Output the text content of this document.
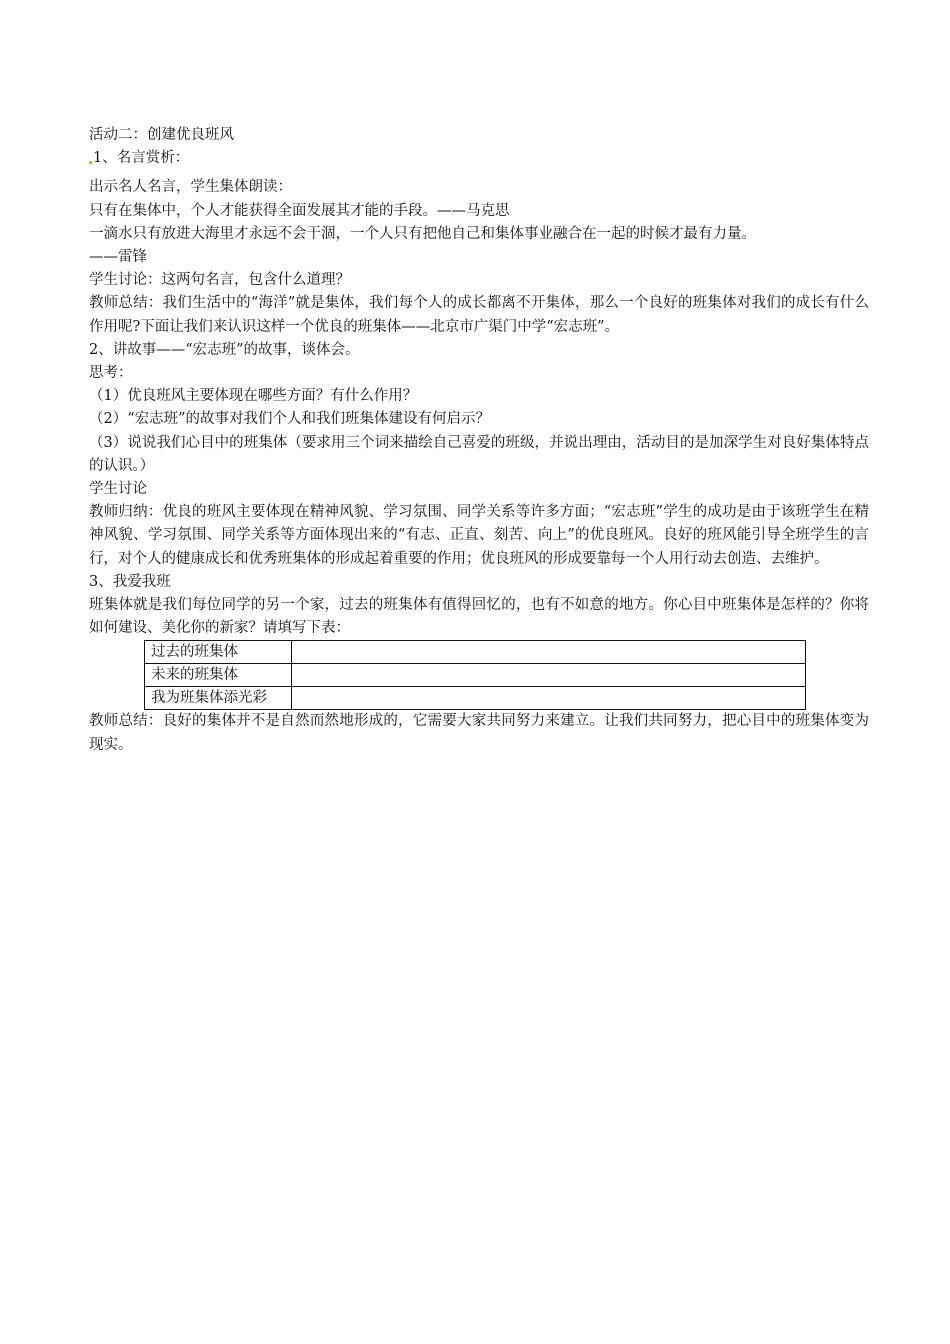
活动二：创建优良班风
1、名言赏析：
出示名人名言，学生集体朗读：
只有在集体中，个人才能获得全面发展其才能的手段。——马克思
一滴水只有放进大海里才永远不会干涸，一个人只有把他自己和集体事业融合在一起的时候才最有力量。
——雷锋
学生讨论：这两句名言，包含什么道理？
教师总结：我们生活中的“海洋”就是集体，我们每个人的成长都离不开集体，那么一个良好的班集体对我们的成长有什么作用呢?下面让我们来认识这样一个优良的班集体——北京市广渠门中学“宏志班”。
2、讲故事——“宏志班”的故事，谈体会。
思考：
（1）优良班风主要体现在哪些方面？有什么作用？
（2）“宏志班”的故事对我们个人和我们班集体建设有何启示？
（3）说说我们心目中的班集体（要求用三个词来描绘自己喜爱的班级，并说出理由，活动目的是加深学生对良好集体特点的认识。）
学生讨论
教师归纳：优良的班风主要体现在精神风貌、学习氛围、同学关系等许多方面；“宏志班”学生的成功是由于该班学生在精神风貌、学习氛围、同学关系等方面体现出来的“有志、正直、刻苦、向上”的优良班风。良好的班风能引导全班学生的言行，对个人的健康成长和优秀班集体的形成起着重要的作用；优良班风的形成要靠每一个人用行动去创造、去维护。
3、我爱我班
班集体就是我们每位同学的另一个家，过去的班集体有值得回忆的，也有不如意的地方。你心目中班集体是怎样的？你将如何建设、美化你的新家？请填写下表：
过去的班集体	
未来的班集体	
我为班集体添光彩	
教师总结：良好的集体并不是自然而然地形成的，它需要大家共同努力来建立。让我们共同努力，把心目中的班集体变为现实。
